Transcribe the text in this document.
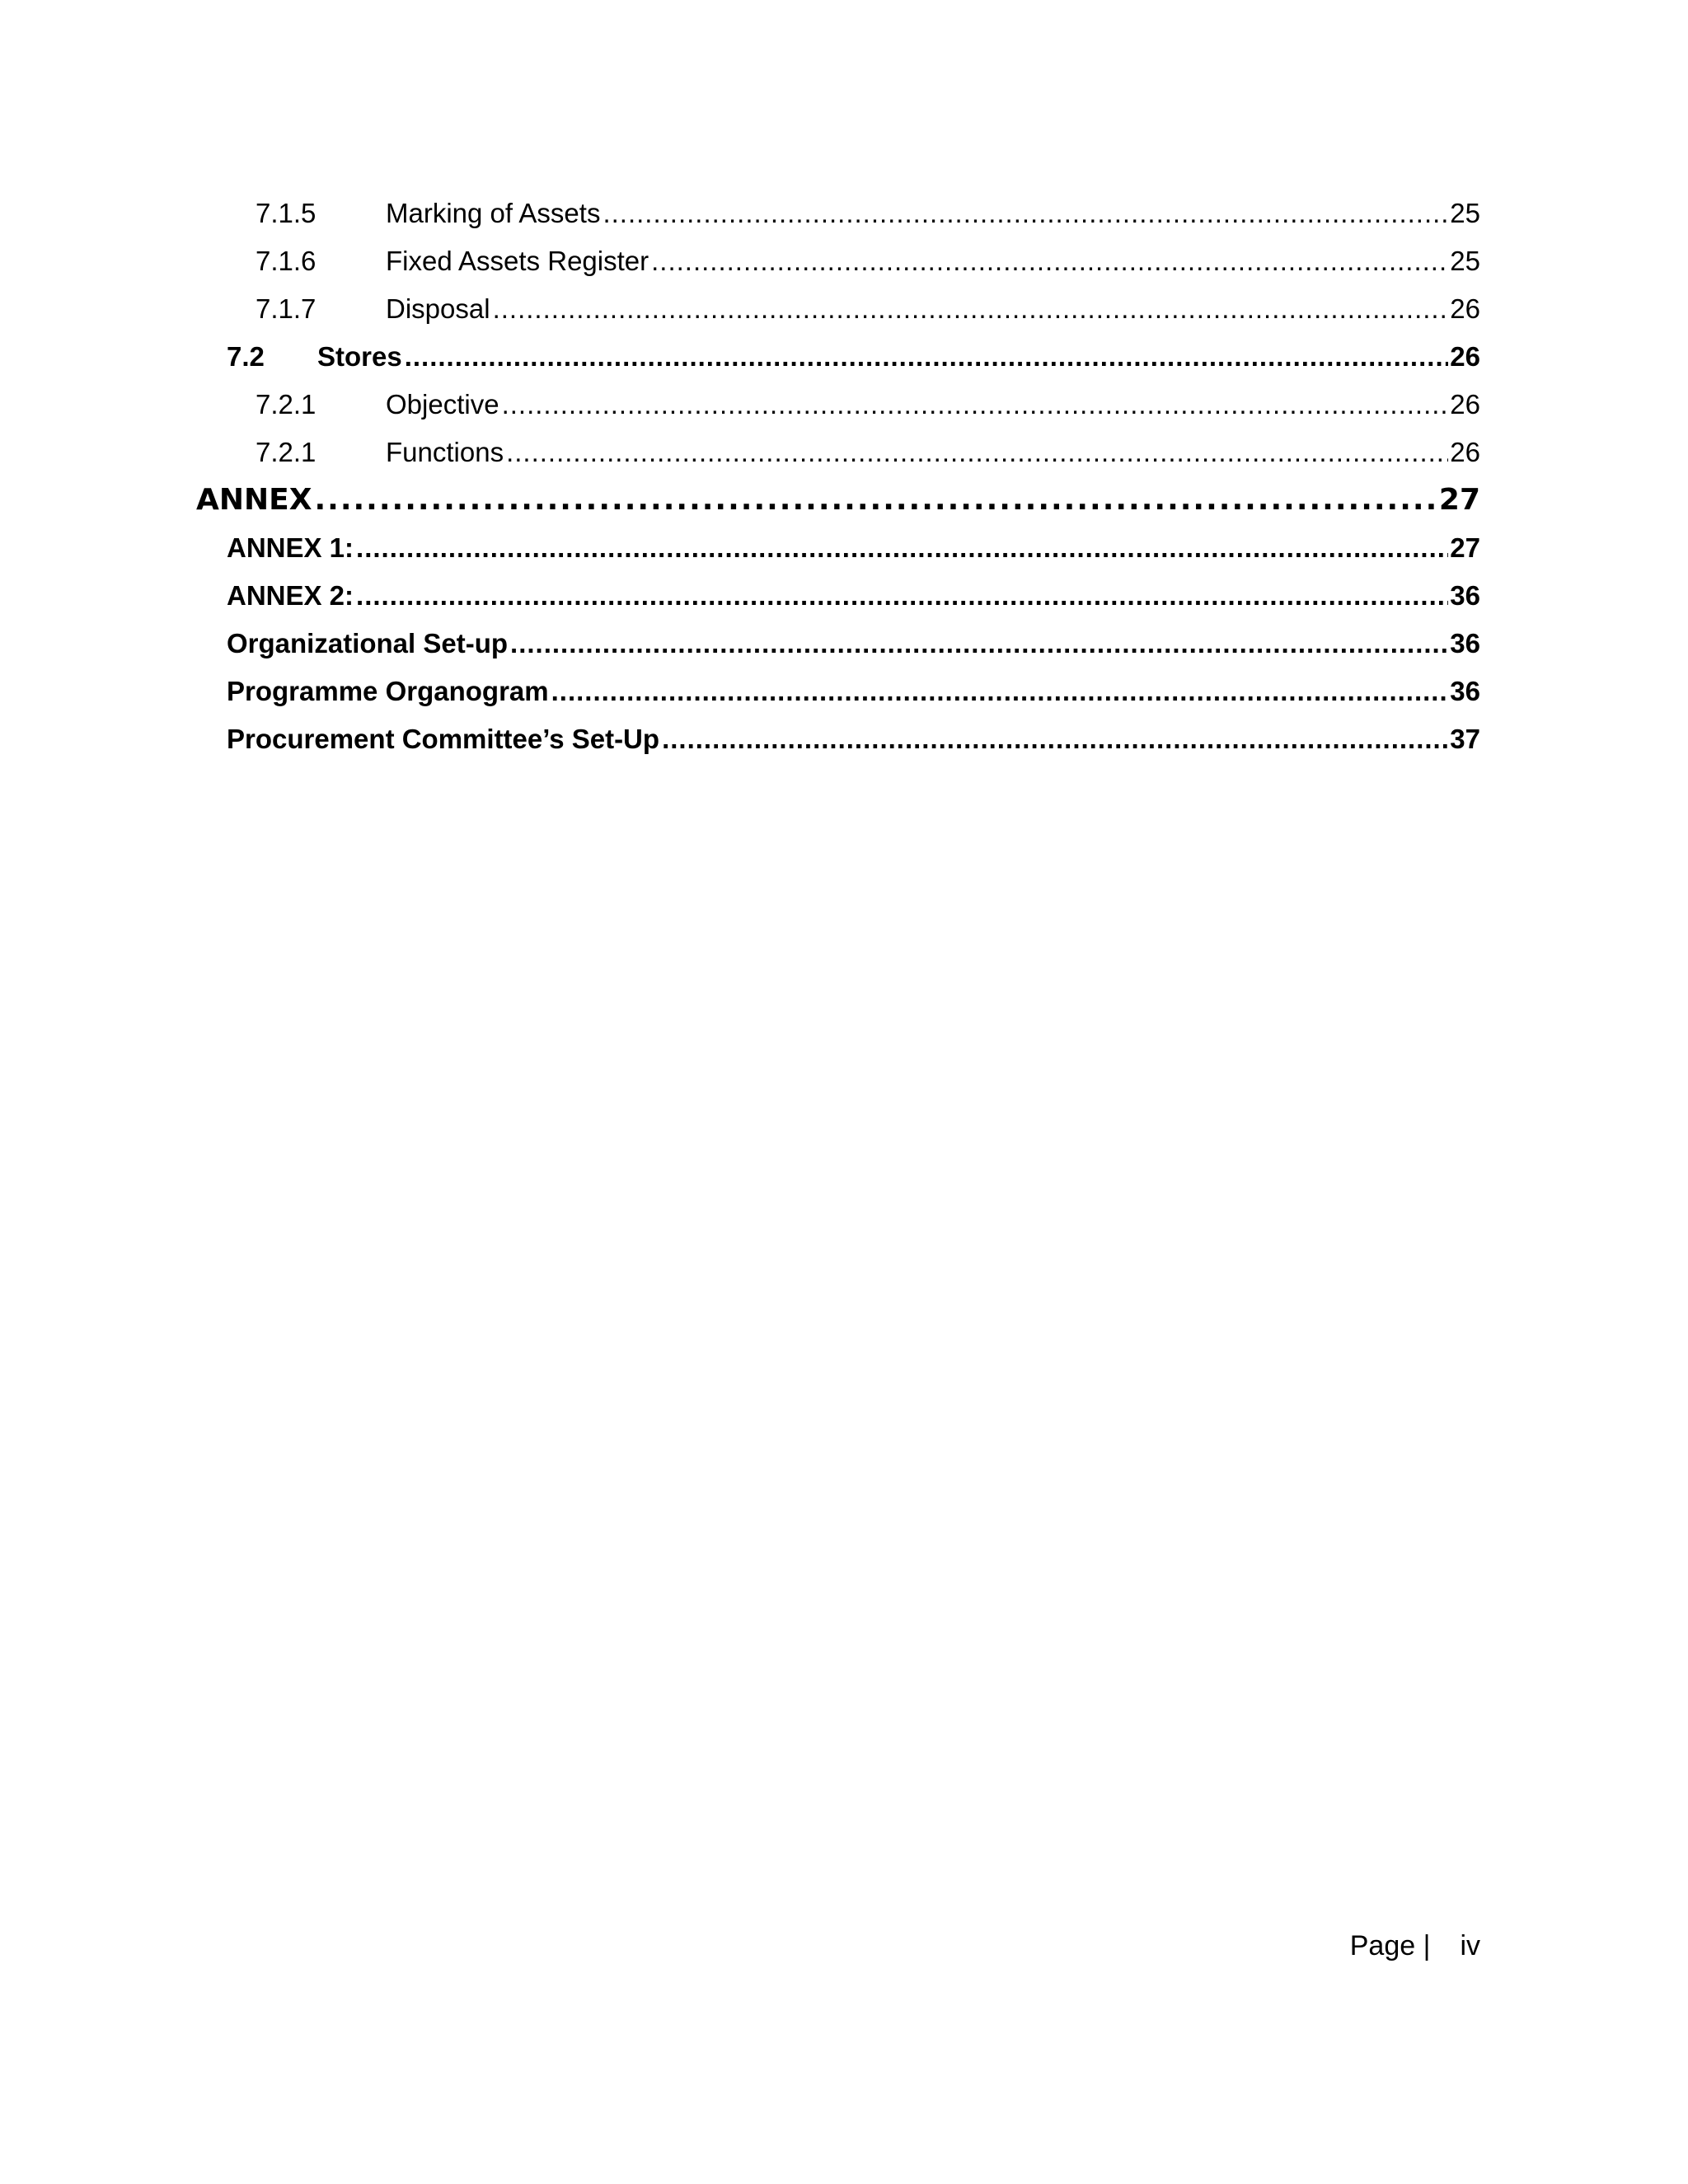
7.1.5	Marking of Assets .....	25
7.1.6	Fixed Assets Register .....	25
7.1.7	Disposal .....	26
7.2	Stores .....	26
7.2.1	Objective .....	26
7.2.1	Functions .....	26
ANNEX .....	27
ANNEX 1: .....	27
ANNEX 2: .....	36
Organizational Set-up .....	36
Programme Organogram .....	36
Procurement Committee’s Set-Up .....	37
Page | iv
